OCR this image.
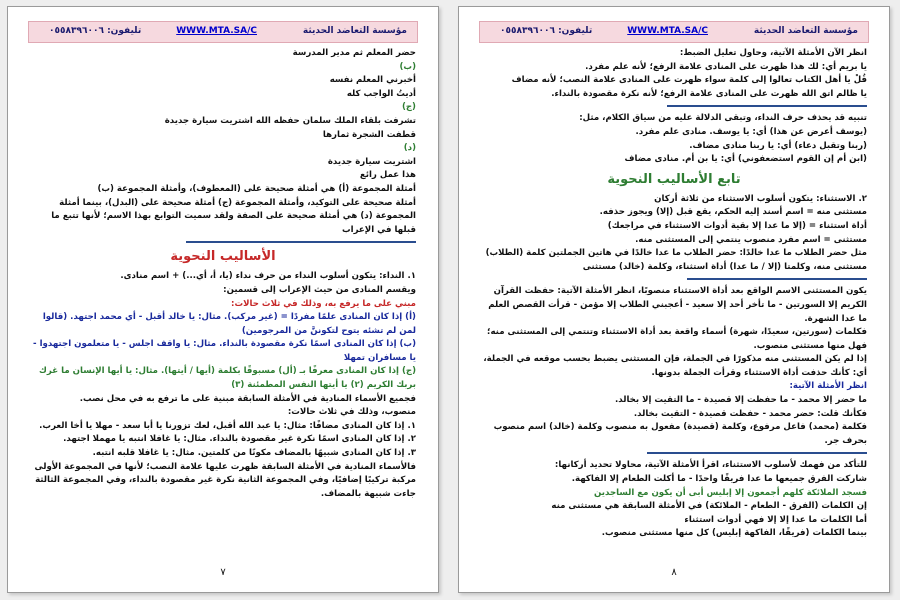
مؤسسة التعاضد الحديثة
WWW.MTA.SA/C
تليفون: ٠٥٥٨٣٩٦٠٠٦

حضر المعلم ثم مدير المدرسة

(ب)

أخبرني المعلم نفسه

أديتُ الواجب كله

(ج)

تشرفت بلقاء الملك سلمان حفظه الله اشتريت سيارة جديدة

قطفت الشجرة ثمارها

(د)

اشتريت سيارة جديدة

هذا عمل رائع

أمثلة المجموعة (أ) هي أمثلة صحيحة على (المعطوف)، وأمثلة المجموعة (ب)

أمثلة صحيحة على التوكيد، وأمثلة المجموعة (ج) أمثلة صحيحة على (البدل)، بينما أمثلة المجموعة (د) هي أمثلة صحيحة على الصفة ولقد سميت التوابع بهذا الاسم؛ لأنها تتبع ما قبلها في الإعراب

الأساليب النحوية

١. النداء: يتكون أسلوب النداء من حرف نداء (يا، أ، أي...) + اسم منادى.

ويقسم المنادى من حيث الإعراب إلى قسمين:

مبني على ما يرفع به، وذلك في ثلاث حالات:

(أ) إذا كان المنادى علمًا مفردًا = (غير مركب). مثال: يا خالد أقبل - أي محمد اجتهد. (قالوا لمن لم تشئه يتوح لتكوننَّ من المرجومين)

(ب) إذا كان المنادى اسمًا نكرة مقصودة بالنداء. مثال: يا واقف اجلس - يا متعلمون اجتهدوا - يا مسافران تمهلا

(ج) إذا كان المنادى معرفًا بـ (أل) مسبوقًا بكلمة (أيها / أيتها). مثال: يا أيها الإنسان ما غرك بربك الكريم (٢) يا أيتها النفس المطمئنة (٣)

فجميع الأسماء المنادية في الأمثلة السابقة مبنية على ما ترفع به في محل نصب.

منصوب، وذلك في ثلاث حالات:

١. إذا كان المنادى مضافًا: مثال: يا عبد الله أقبل، لعك تزورنا يا أبا سعد - مهلا يا أخا العرب.

٢. إذا كان المنادى اسمًا نكرة غير مقصودة بالنداء. مثال: يا غافلا انتبه يا مهملا اجتهد.

٣. إذا كان المنادى شبيهًا بالمضاف مكونًا من كلمتين. مثال: يا غافلا قلبه انتبه.

فالأسماء المنادية في الأمثلة السابقة ظهرت عليها علامة النصب؛ لأنها في المجموعة الأولى مركبة تركيبًا إضافيًا، وفي المجموعة الثانية نكرة غير مقصودة بالنداء، وفي المجموعة الثالثة جاءت شبيهة بالمضاف.

٧
مؤسسة التعاضد الحديثة
WWW.MTA.SA/C
تليفون: ٠٥٥٨٣٩٦٠٠٦

انظر الآن الأمثلة الآتية، وحاول تعليل الضبط:

يا بريم أي: لك هذا ظهرت على المنادى علامة الرفع؛ لأنه علم مفرد.

قُلْ يا أهل الكتاب تعالوا إلى كلمة سواء ظهرت على المنادى علامة النصب؛ لأنه مضاف

يا ظالم اتق الله ظهرت على المنادى علامة الرفع؛ لأنه نكرة مقصودة بالنداء.

تنبيه قد يحذف حرف النداء، وتبقى الدلالة عليه من سياق الكلام، مثل:

(يوسف أعرض عن هذا) أي: يا يوسف. منادى علم مفرد.

(ربنا وتقبل دعاء) أي: يا ربنا منادى مضاف.

(ابن أم إن القوم استضعفوني) أي: يا بن أم. منادى مضاف

تابع الأساليب النحوية

٢. الاستثناء: يتكون أسلوب الاستثناء من ثلاثة أركان

مستثنى منه = اسم أسند إليه الحكم، يقع قبل (إلا) ويجوز حذفه.

أداة استثناء = (إلا ما عدا إلا بقية أدوات الاستثناء في مراجعك)

مستثنى = اسم مفرد منصوب ينتمي إلى المستثنى منه.

مثل حضر الطلاب ما عدا خالدًا: حضر الطلاب ما عدا خالدًا في هاتين الجملتين كلمة (الطلاب) مستثنى منه، وكلمتا (إلا / ما عدا) أداة استثناء، وكلمة (خالد) مستثنى

يكون المستثنى الاسم الواقع بعد أداة الاستثناء منصوبًا، انظر الأمثلة الآتية: حفظت القرآن الكريم إلا السورتين - ما تأخر أحد إلا سعيد - أعجبني الطلاب إلا مؤمن - قرأت القصص العلم ما عدا الشهرة.

فكلمات (سورتين، سعيدًا، شهرة) أسماء واقعة بعد أداة الاستثناء وتنتمي إلى المستثنى منه؛ فهل منها مستثنى منصوب.

إذا لم يكن المستثنى منه مذكورًا في الجملة، فإن المستثنى يضبط بحسب موقعه في الجملة، أي: كأنك حذفت أداة الاستثناء وقرأت الجملة بدونها.

انظر الأمثلة الآتية:

ما حضر إلا محمد - ما حفظت إلا قصيدة - ما التقيت إلا بخالد.

فكأنك قلت: حضر محمد - حفظت قصيدة - التقيت بخالد.

فكلمة (محمد) فاعل مرفوع، وكلمة (قصيدة) مفعول به منصوب وكلمة (خالد) اسم منصوب بحرف جر.

للتأكد من فهمك لأسلوب الاستثناء، اقرأ الأمثلة الآتية، محاولا تحديد أركانها:

شاركت الفرق جميعها ما عدا فريقًا واحدًا - ما أكلت الطعام إلا الفاكهة.

فسجد الملائكة كلهم أجمعون إلا إبليس أبى أن يكون مع الساجدين

إن الكلمات (الفرق - الطعام - الملائكة) في الأمثلة السابقة هي مستثنى منه

أما الكلمات ما عدا إلا إلا فهي أدوات استثناء

بينما الكلمات (فريقًا، الفاكهة إبليس) كل منها مستثنى منصوب.

٨
